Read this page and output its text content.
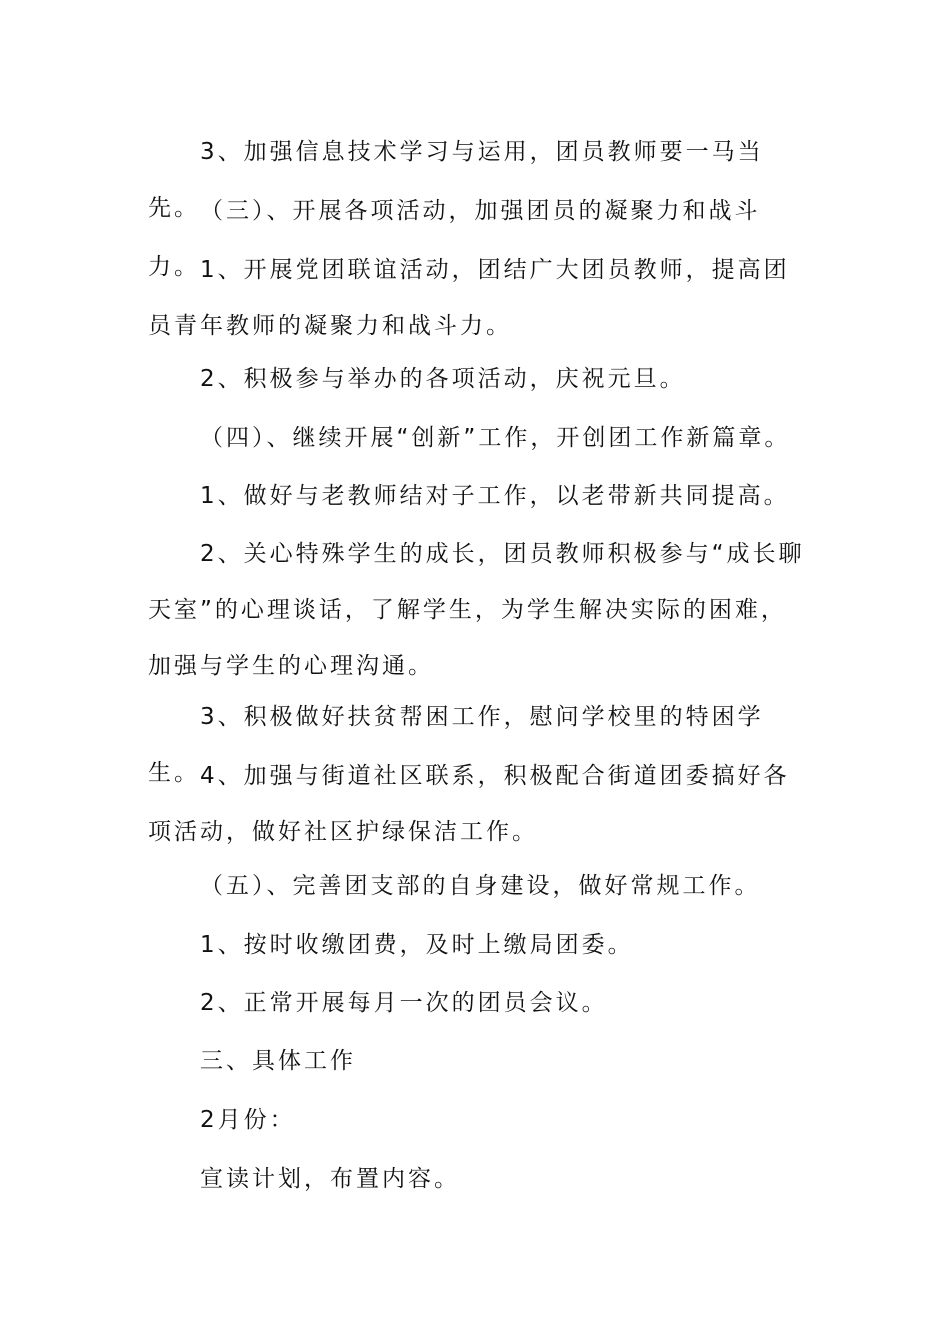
3、加强信息技术学习与运用，团员教师要一马当先。 （三）、开展各项活动，加强团员的凝聚力和战斗力。 1、开展党团联谊活动，团结广大团员教师，提高团员青年教师的凝聚力和战斗力。

2、积极参与举办的各项活动，庆祝元旦。

（四）、继续开展“创新”工作，开创团工作新篇章。

1、做好与老教师结对子工作，以老带新共同提高。

2、关心特殊学生的成长，团员教师积极参与“成长聊天室”的心理谈话，了解学生，为学生解决实际的困难，加强与学生的心理沟通。

3、积极做好扶贫帮困工作，慰问学校里的特困学生。 4、加强与街道社区联系，积极配合街道团委搞好各项活动，做好社区护绿保洁工作。

（五）、完善团支部的自身建设，做好常规工作。

1、按时收缴团费，及时上缴局团委。

2、正常开展每月一次的团员会议。

三、具体工作

2月份：

宣读计划，布置内容。
